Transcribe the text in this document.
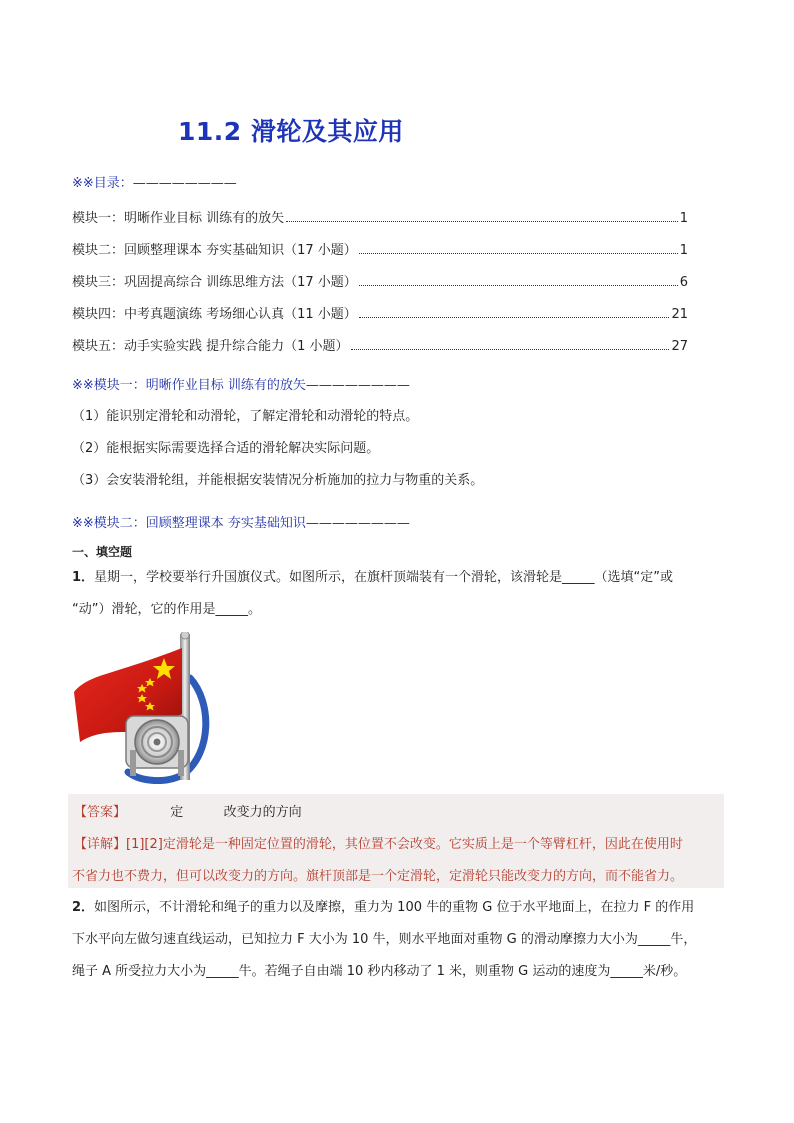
11.2 滑轮及其应用
※※目录：————————
模块一：明晰作业目标 训练有的放矢	1
模块二：回顾整理课本 夯实基础知识（17 小题）	1
模块三：巩固提高综合 训练思维方法（17 小题）	6
模块四：中考真题演练 考场细心认真（11 小题）	21
模块五：动手实验实践 提升综合能力（1 小题）	27
※※模块一：明晰作业目标 训练有的放矢————————
（1）能识别定滑轮和动滑轮，了解定滑轮和动滑轮的特点。
（2）能根据实际需要选择合适的滑轮解决实际问题。
（3）会安装滑轮组，并能根据安装情况分析施加的拉力与物重的关系。
※※模块二：回顾整理课本 夯实基础知识————————
一、填空题
1．星期一，学校要举行升国旗仪式。如图所示，在旗杆顶端装有一个滑轮，该滑轮是_____（选填“定”或
“动”）滑轮，它的作用是_____。
【答案】	定	改变力的方向
【详解】[1][2]定滑轮是一种固定位置的滑轮，其位置不会改变。它实质上是一个等臂杠杆，因此在使用时
不省力也不费力，但可以改变力的方向。旗杆顶部是一个定滑轮，定滑轮只能改变力的方向，而不能省力。
2．如图所示，不计滑轮和绳子的重力以及摩擦，重力为 100 牛的重物 G 位于水平地面上，在拉力 F 的作用
下水平向左做匀速直线运动，已知拉力 F 大小为 10 牛，则水平地面对重物 G 的滑动摩擦力大小为_____牛，
绳子 A 所受拉力大小为_____牛。若绳子自由端 10 秒内移动了 1 米，则重物 G 运动的速度为_____米/秒。
